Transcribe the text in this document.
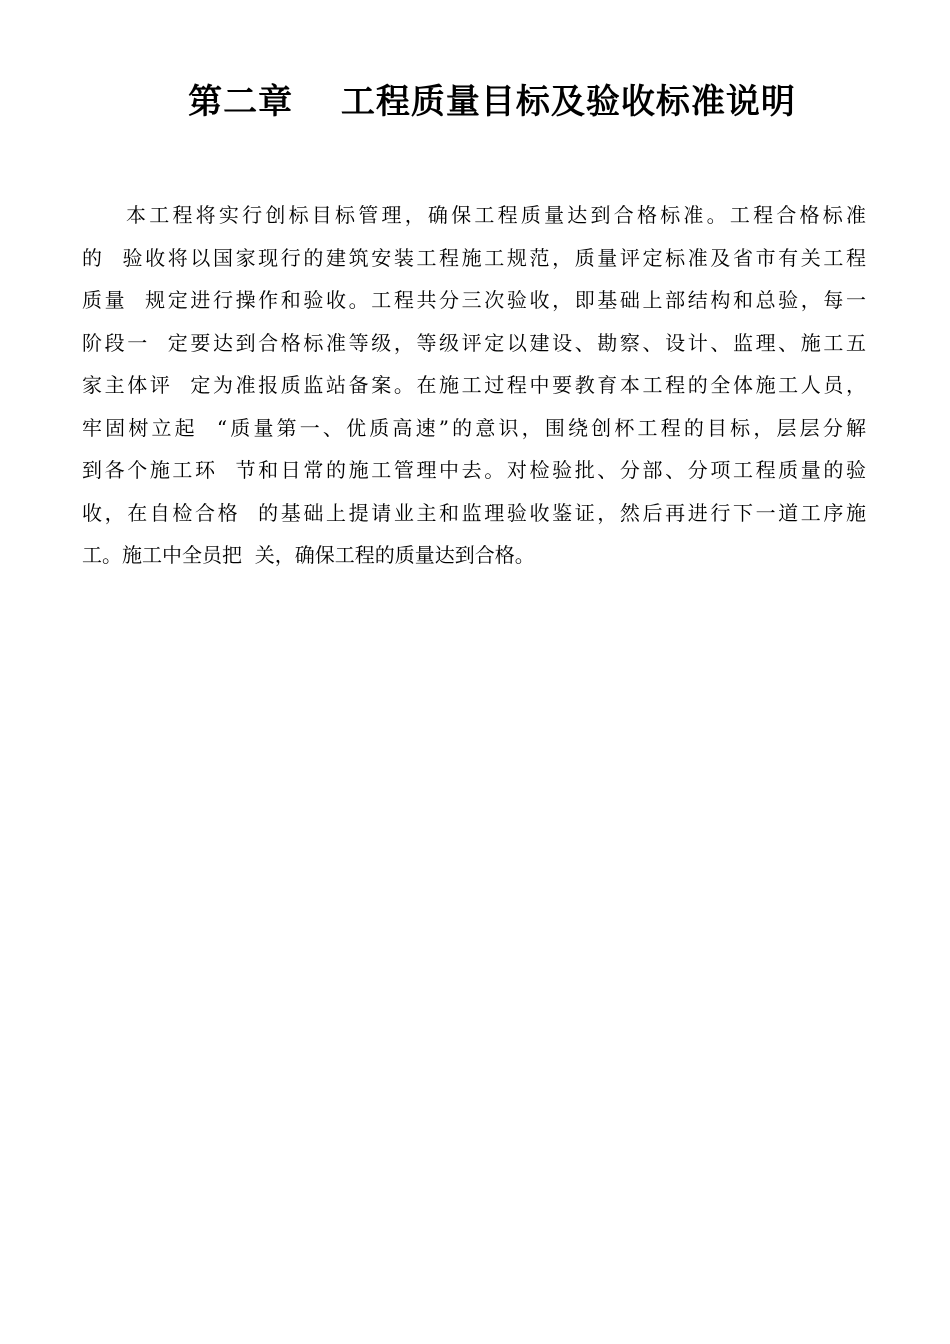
第二章　 工程质量目标及验收标准说明
本工程将实行创标目标管理，确保工程质量达到合格标准。工程合格标准
的  验收将以国家现行的建筑安装工程施工规范，质量评定标准及省市有关工程
质量  规定进行操作和验收。工程共分三次验收，即基础上部结构和总验，每一
阶段一  定要达到合格标准等级，等级评定以建设、勘察、设计、监理、施工五
家主体评  定为准报质监站备案。在施工过程中要教育本工程的全体施工人员，
牢固树立起  “质量第一、优质高速”的意识，围绕创杯工程的目标，层层分解
到各个施工环  节和日常的施工管理中去。对检验批、分部、分项工程质量的验
收，在自检合格  的基础上提请业主和监理验收鉴证，然后再进行下一道工序施
工。施工中全员把  关，确保工程的质量达到合格。
